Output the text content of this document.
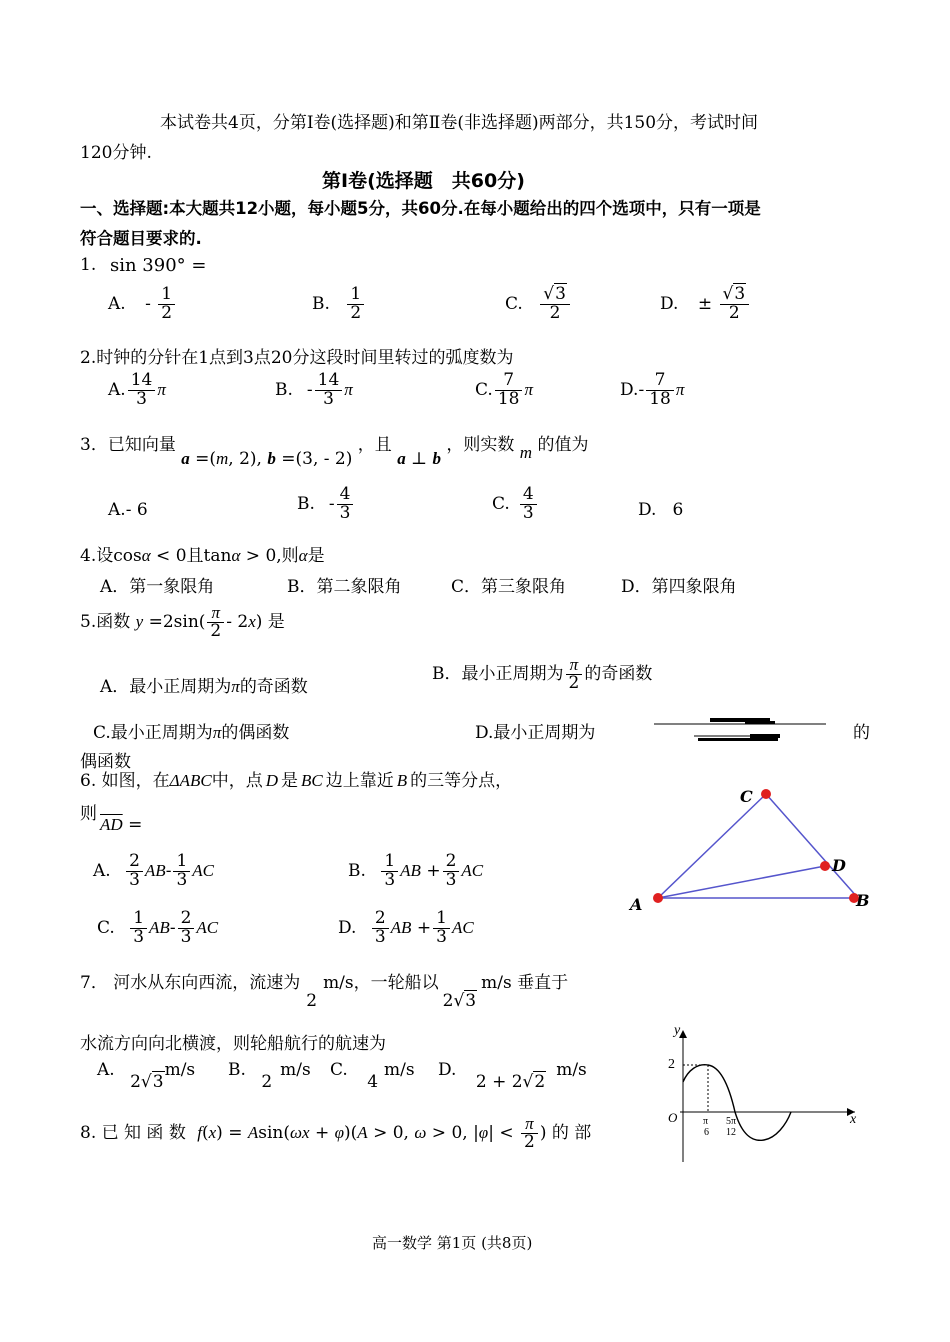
本试卷共4页，分第Ⅰ卷(选择题)和第Ⅱ卷(非选择题)两部分，共150分，考试时间
120分钟.
第Ⅰ卷(选择题　共60分)
一、选择题:本大题共12小题，每小题5分，共60分.在每小题给出的四个选项中，只有一项是
符合题目要求的.
1. sin 390° =
A. - $\frac{1}{2}$	B. $\frac{1}{2}$	C. $\frac{√3}{2}$	D. ± $\frac{√3}{2}$
2.时钟的分针在1点到3点20分这段时间里转过的弧度数为
A. $\frac{14}{3}$ π	B. - $\frac{14}{3}$ π	C. $\frac{7}{18}$ π	$D.- \frac{7}{18}$ π
3．已知向量 a =(m, 2), b =(3, - 2) ，且 a ⊥ b ，则实数 m 的值为
A.- 6	B. - $\frac{4}{3}$	C. $\frac{4}{3}$	D. 6
4.设cosα < 0且tanα > 0,则α是
A．第一象限角	B．第二象限角	C．第三象限角	D．第四象限角
5.函数 $y =2\sin( \frac{\pi}{2} - 2x)$ 是
A．最小正周期为π的奇函数
B．最小正周期为 $\frac{\pi}{2}$ 的奇函数
C.最小正周期为π的偶函数	D.最小正周期为	的
偶函数
6. 如图，在ΔABC中，点 D 是 BC 边上靠近 B 的三等分点，
则
$\overline{AD}$ =
A. $\frac{2}{3} AB- \frac{1}{3}$ AC	B. $\frac{1}{3}$ AB + $\frac{2}{3}$ AC
C. $\frac{1}{3} AB- \frac{2}{3}$ AC	D. $\frac{2}{3}$ AB + $\frac{1}{3}$ AC
C
D
A	B
7． 河水从东向西流，流速为2m/s，一轮船以2√3m/s 垂直于
水流方向向北横渡，则轮船航行的航速为
A. 2√3m/s B. 2m/s C. 4m/s D. 2 + 2√2m/s
8. 已 知 函 数 f(x) = Asin(ωx + φ)(A > 0, ω > 0, $|\varphi| < \frac{\pi}{2}$ ) 的 部
y
x
O
2
π
6
5π
12
高一数学 第1页 (共8页)
